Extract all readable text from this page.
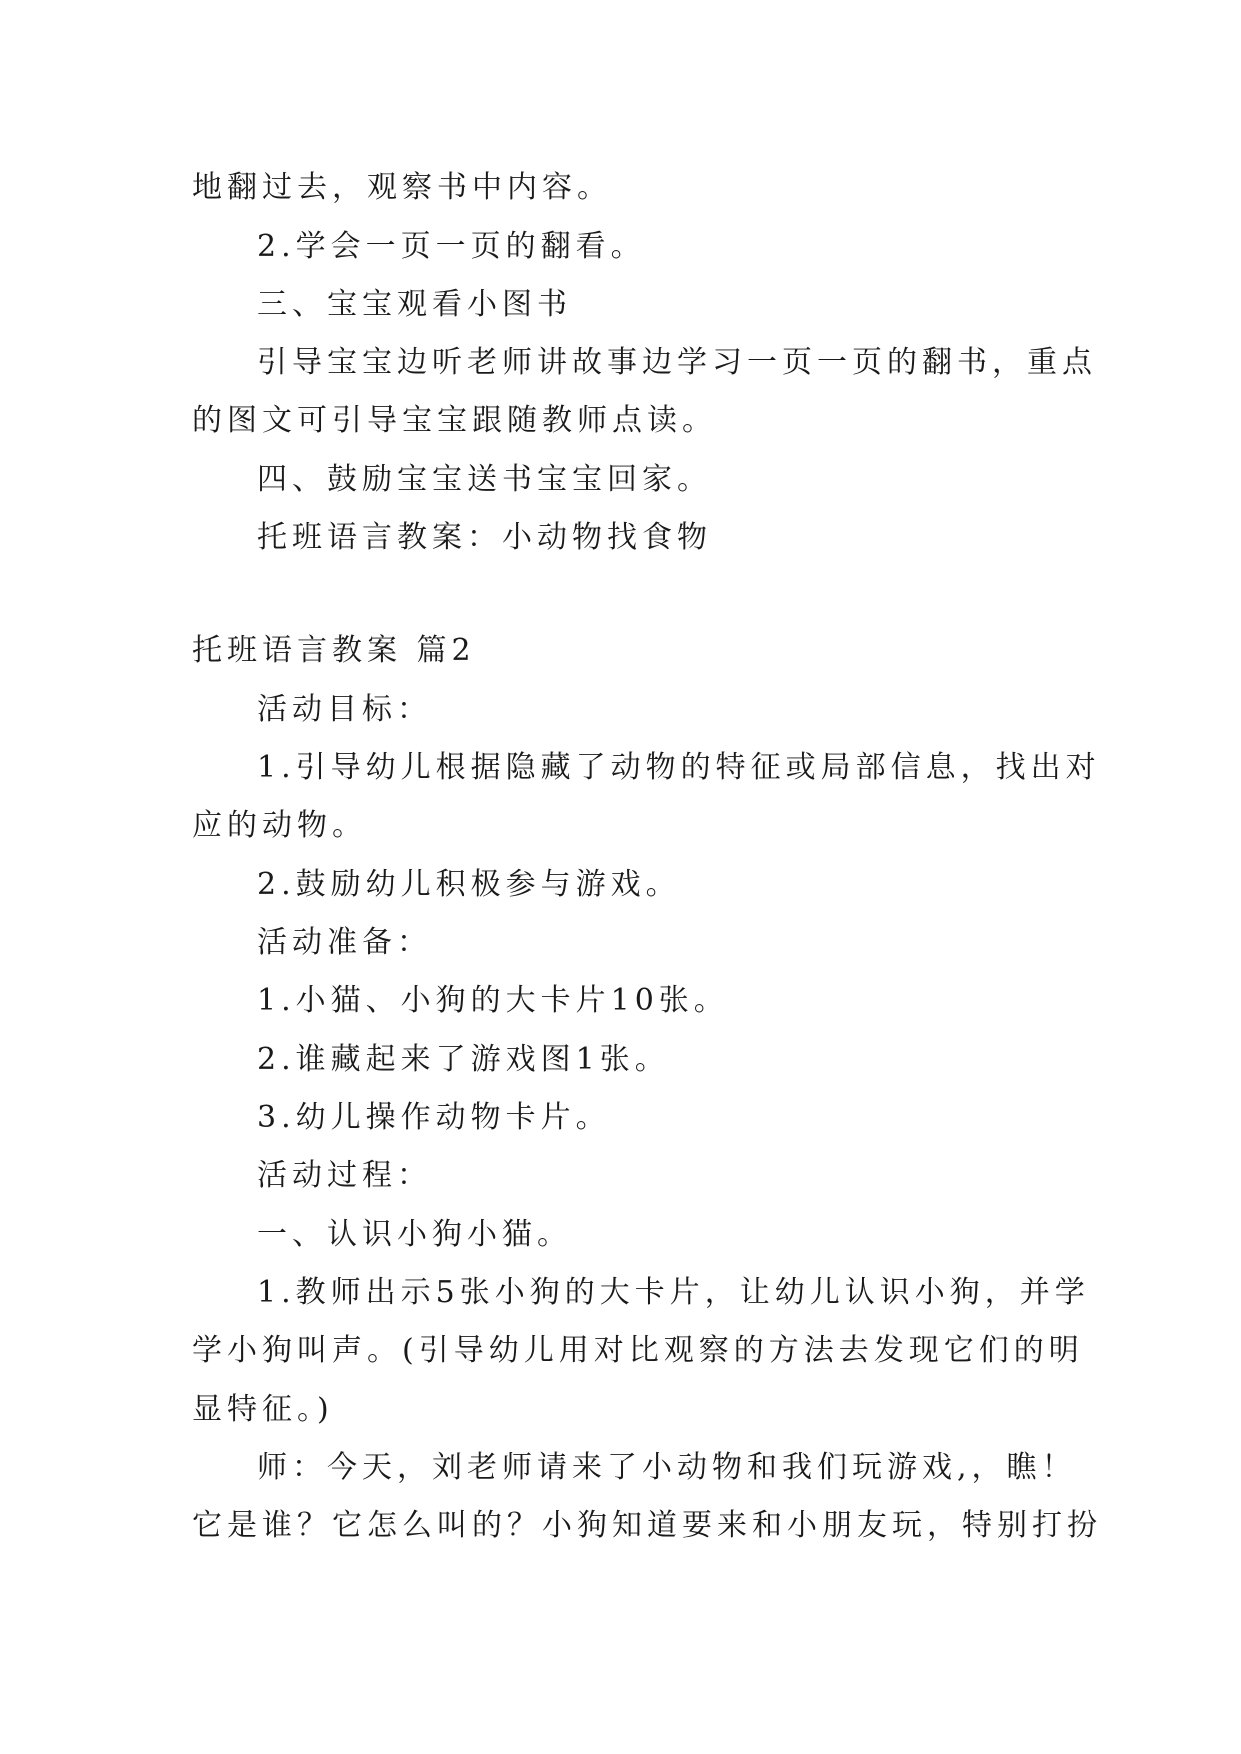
地翻过去，观察书中内容。

2.学会一页一页的翻看。

三、宝宝观看小图书

引导宝宝边听老师讲故事边学习一页一页的翻书，重点

的图文可引导宝宝跟随教师点读。

四、鼓励宝宝送书宝宝回家。

托班语言教案：小动物找食物

托班语言教案 篇2

活动目标：

1.引导幼儿根据隐藏了动物的特征或局部信息，找出对

应的动物。

2.鼓励幼儿积极参与游戏。

活动准备：

1.小猫、小狗的大卡片10张。

2.谁藏起来了游戏图1张。

3.幼儿操作动物卡片。

活动过程：

一、认识小狗小猫。

1.教师出示5张小狗的大卡片，让幼儿认识小狗，并学

学小狗叫声。(引导幼儿用对比观察的方法去发现它们的明

显特征。)

师：今天，刘老师请来了小动物和我们玩游戏,，瞧！

它是谁？它怎么叫的？小狗知道要来和小朋友玩，特别打扮
